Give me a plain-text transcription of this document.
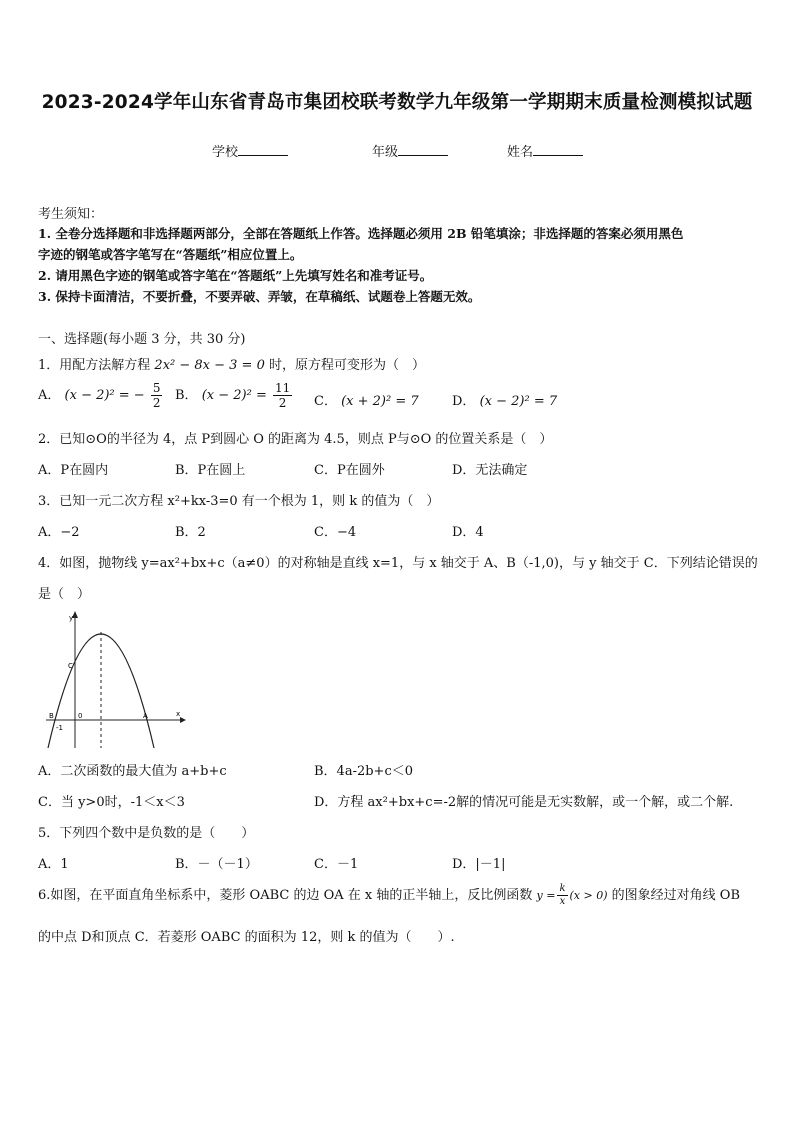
2023-2024学年山东省青岛市集团校联考数学九年级第一学期期末质量检测模拟试题
学校	年级	姓名
考生须知：
1. 全卷分选择题和非选择题两部分，全部在答题纸上作答。选择题必须用 2B 铅笔填涂；非选择题的答案必须用黑色
字迹的钢笔或答字笔写在“答题纸”相应位置上。
2. 请用黑色字迹的钢笔或答字笔在“答题纸”上先填写姓名和准考证号。
3. 保持卡面清洁，不要折叠，不要弄破、弄皱，在草稿纸、试题卷上答题无效。
一、选择题(每小题 3 分，共 30 分)
1．用配方法解方程 2x² − 8x − 3 = 0 时，原方程可变形为（　）
A． (x − 2)² = − $\frac{5}{2}$ B． $(x - 2)^2 = \frac{11}{2}$ C． (x + 2)² = 7	D． (x − 2)² = 7
2．已知⊙O的半径为 4，点 P到圆心 O 的距离为 4.5，则点 P与⊙O 的位置关系是（　）
A．P在圆内	B．P在圆上	C．P在圆外	D．无法确定
3．已知一元二次方程 x²+kx-3=0 有一个根为 1，则 k 的值为（　）
A．−2	B．2	C．−4	D．4
4．如图，抛物线 y=ax²+bx+c（a≠0）的对称轴是直线 x=1，与 x 轴交于 A、B（-1,0)，与 y 轴交于 C．下列结论错误的
是（　）
y
x
C
B	0	A
-1
A．二次函数的最大值为 a+b+c	B．4a-2b+c＜0
C．当 y>0时，-1＜x＜3	D．方程 ax²+bx+c=-2解的情况可能是无实数解，或一个解，或二个解.
5．下列四个数中是负数的是（　　）
A．1	B．－（－1）	C．－1	D．|－1|
6.如图，在平面直角坐标系中，菱形 OABC 的边 OA 在 x 轴的正半轴上，反比例函数 $y = \frac{k}{x} (x > 0)$ 的图象经过对角线 OB
的中点 D和顶点 C．若菱形 OABC 的面积为 12，则 k 的值为（　　）.
